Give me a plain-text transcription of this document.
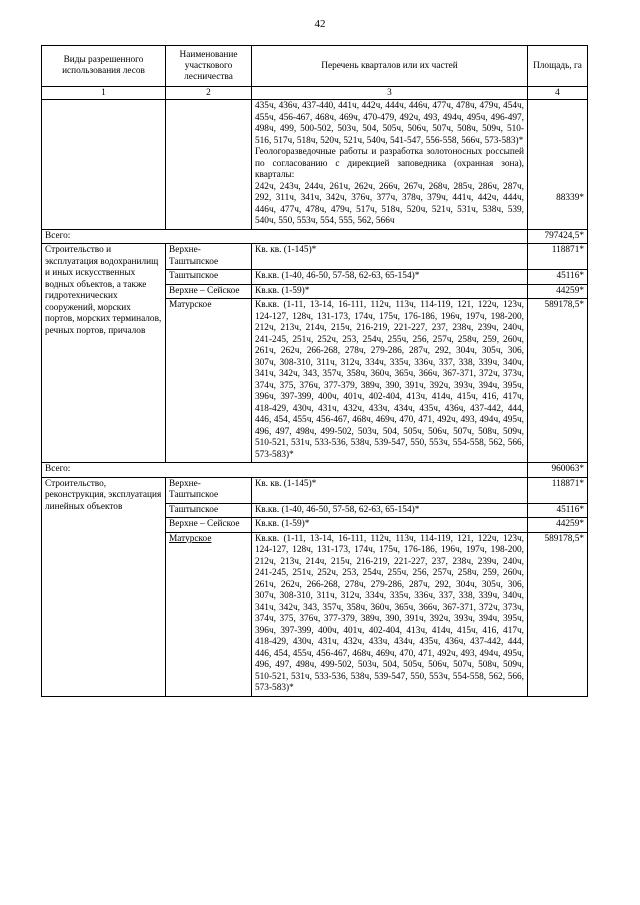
42
Виды разрешенного использования лесов	Наименование участкового лесничества	Перечень кварталов или их частей	Площадь, га
1	2	3	4

		435ч, 436ч, 437-440, 441ч, 442ч, 444ч, 446ч, 477ч, 478ч, 479ч, 454ч, 455ч, 456-467, 468ч, 469ч, 470-479, 492ч, 493, 494ч, 495ч, 496-497, 498ч, 499, 500-502, 503ч, 504, 505ч, 506ч, 507ч, 508ч, 509ч, 510-516, 517ч, 518ч, 520ч, 521ч, 540ч, 541-547, 556-558, 566ч, 573-583)*
Геологоразведочные работы и разработка золотоносных россыпей по согласованию с дирекцией заповедника (охранная зона), кварталы:
242ч, 243ч, 244ч, 261ч, 262ч, 266ч, 267ч, 268ч, 285ч, 286ч, 287ч, 292, 311ч, 341ч, 342ч, 376ч, 377ч, 378ч, 379ч, 441ч, 442ч, 444ч, 446ч, 477ч, 478ч, 479ч, 517ч, 518ч, 520ч, 521ч, 531ч, 538ч, 539, 540ч, 550, 553ч, 554, 555, 562, 566ч	88339*

Всего:			797424,5*
Строительство и эксплуатация водохранилищ и иных искусственных водных объектов, а также гидротехнических сооружений, морских портов, морских терминалов, речных портов, причалов	Верхне-Таштыпское	Кв. кв. (1-145)*	118871*
	Таштыпское	Кв.кв. (1-40, 46-50, 57-58, 62-63, 65-154)*	45116*
	Верхне – Сейское	Кв.кв. (1-59)*	44259*
	Матурское	Кв.кв. (1-11, 13-14, 16-111, 112ч, 113ч, 114-119, 121, 122ч, 123ч, 124-127, 128ч, 131-173, 174ч, 175ч, 176-186, 196ч, 197ч, 198-200, 212ч, 213ч, 214ч, 215ч, 216-219, 221-227, 237, 238ч, 239ч, 240ч, 241-245, 251ч, 252ч, 253, 254ч, 255ч, 256, 257ч, 258ч, 259, 260ч, 261ч, 262ч, 266-268, 278ч, 279-286, 287ч, 292, 304ч, 305ч, 306, 307ч, 308-310, 311ч, 312ч, 334ч, 335ч, 336ч, 337, 338, 339ч, 340ч, 341ч, 342ч, 343, 357ч, 358ч, 360ч, 365ч, 366ч, 367-371, 372ч, 373ч, 374ч, 375, 376ч, 377-379, 389ч, 390, 391ч, 392ч, 393ч, 394ч, 395ч, 396ч, 397-399, 400ч, 401ч, 402-404, 413ч, 414ч, 415ч, 416, 417ч, 418-429, 430ч, 431ч, 432ч, 433ч, 434ч, 435ч, 436ч, 437-442, 444, 446, 454, 455ч, 456-467, 468ч, 469ч, 470, 471, 492ч, 493, 494ч, 495ч, 496, 497, 498ч, 499-502, 503ч, 504, 505ч, 506ч, 507ч, 508ч, 509ч, 510-521, 531ч, 533-536, 538ч, 539-547, 550, 553ч, 554-558, 562, 566, 573-583)*	589178,5*
Всего:			960063*
Строительство, реконструкция, эксплуатация линейных объектов	Верхне-Таштыпское	Кв. кв. (1-145)*	118871*
	Таштыпское	Кв.кв. (1-40, 46-50, 57-58, 62-63, 65-154)*	45116*
	Верхне – Сейское	Кв.кв. (1-59)*	44259*
	Матурское	Кв.кв. (1-11, 13-14, 16-111, 112ч, 113ч, 114-119, 121, 122ч, 123ч, 124-127, 128ч, 131-173, 174ч, 175ч, 176-186, 196ч, 197ч, 198-200, 212ч, 213ч, 214ч, 215ч, 216-219, 221-227, 237, 238ч, 239ч, 240ч, 241-245, 251ч, 252ч, 253, 254ч, 255ч, 256, 257ч, 258ч, 259, 260ч, 261ч, 262ч, 266-268, 278ч, 279-286, 287ч, 292, 304ч, 305ч, 306, 307ч, 308-310, 311ч, 312ч, 334ч, 335ч, 336ч, 337, 338, 339ч, 340ч, 341ч, 342ч, 343, 357ч, 358ч, 360ч, 365ч, 366ч, 367-371, 372ч, 373ч, 374ч, 375, 376ч, 377-379, 389ч, 390, 391ч, 392ч, 393ч, 394ч, 395ч, 396ч, 397-399, 400ч, 401ч, 402-404, 413ч, 414ч, 415ч, 416, 417ч, 418-429, 430ч, 431ч, 432ч, 433ч, 434ч, 435ч, 436ч, 437-442, 444, 446, 454, 455ч, 456-467, 468ч, 469ч, 470, 471, 492ч, 493, 494ч, 495ч, 496, 497, 498ч, 499-502, 503ч, 504, 505ч, 506ч, 507ч, 508ч, 509ч, 510-521, 531ч, 533-536, 538ч, 539-547, 550, 553ч, 554-558, 562, 566, 573-583)*	589178,5*
